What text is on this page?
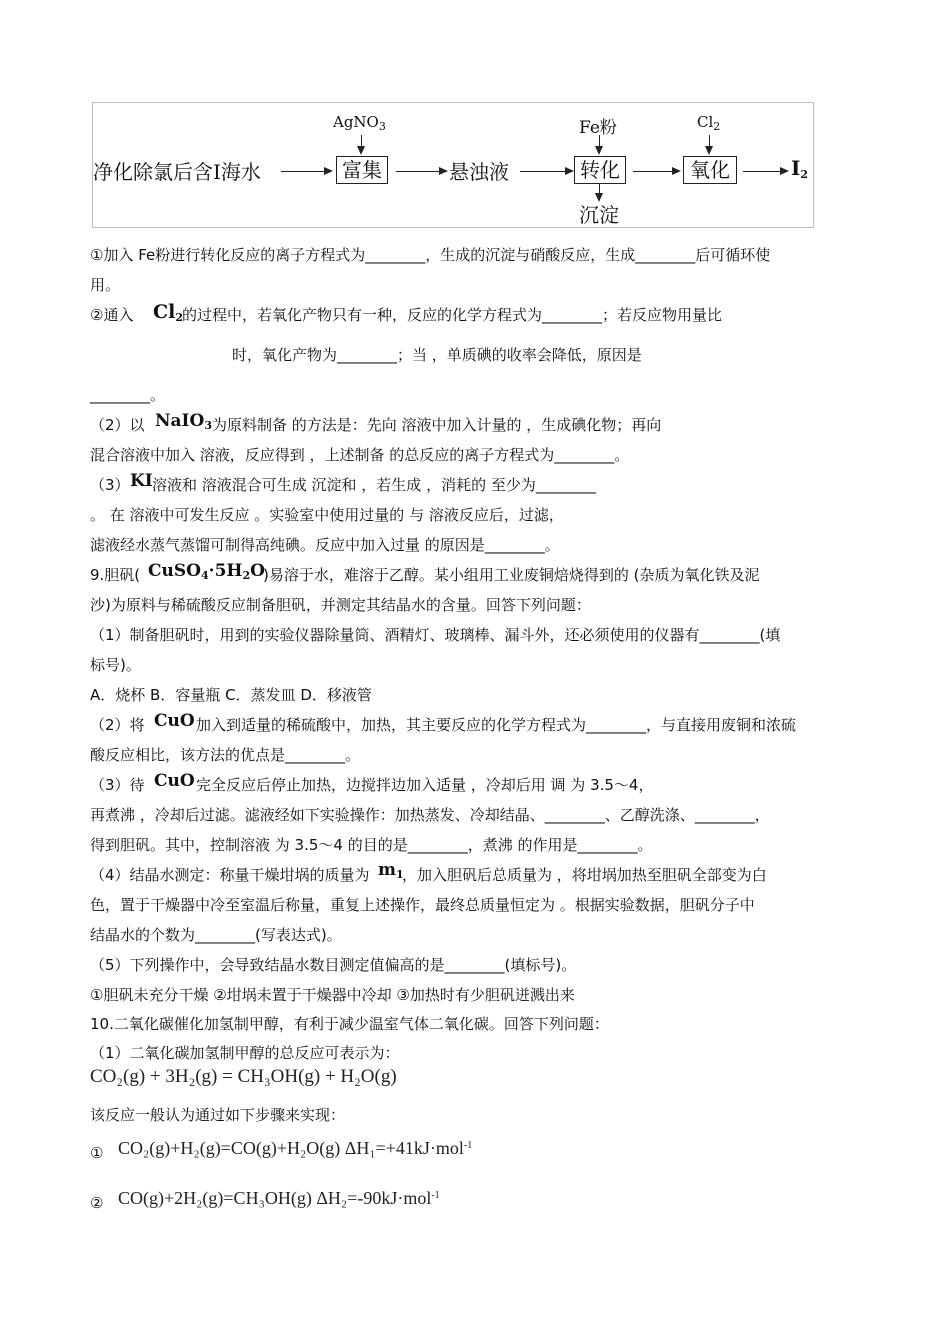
净化除氯后含I海水
AgNO$_3$
富集	悬浊液
Fe粉
转化
沉淀
$Cl_2$
氧化	$I_2$
①加入 Fe粉进行转化反应的离子方程式为________，生成的沉淀与硝酸反应，生成________后可循环使
用。
②通入	$Cl_2$ 的过程中，若氧化产物只有一种，反应的化学方程式为________；若反应物用量比
时，氧化产物为________；当 ，单质碘的收率会降低，原因是
________。
（2）以 NaIO$_3$ 为原料制备 的方法是：先向 溶液中加入计量的 ，生成碘化物；再向
混合溶液中加入 溶液，反应得到 ，上述制备 的总反应的离子方程式为________。
（3） KI 溶液和 溶液混合可生成 沉淀和 ，若生成 ，消耗的 至少为________
。 在 溶液中可发生反应 。实验室中使用过量的 与 溶液反应后，过滤，
滤液经水蒸气蒸馏可制得高纯碘。反应中加入过量 的原因是________。
9.胆矾( $CuSO_4\cdot 5H_2O$
)易溶于水，难溶于乙醇。某小组用工业废铜焙烧得到的 (杂质为氧化铁及泥
沙)为原料与稀硫酸反应制备胆矾，并测定其结晶水的含量。回答下列问题：
（1）制备胆矾时，用到的实验仪器除量筒、酒精灯、玻璃棒、漏斗外，还必须使用的仪器有________(填
标号)。
A．烧杯 B．容量瓶 C．蒸发皿 D．移液管
（2）将 CuO 加入到适量的稀硫酸中，加热，其主要反应的化学方程式为________，与直接用废铜和浓硫
酸反应相比，该方法的优点是________。
（3）待 CuO 完全反应后停止加热，边搅拌边加入适量 ，冷却后用 调 为 3.5～4，
再煮沸 ，冷却后过滤。滤液经如下实验操作：加热蒸发、冷却结晶、________、乙醇洗涤、________，
得到胆矾。其中，控制溶液 为 3.5～4 的目的是________，煮沸 的作用是________。
（4）结晶水测定：称量干燥坩埚的质量为 $m_1$
，加入胆矾后总质量为 ，将坩埚加热至胆矾全部变为白
色，置于干燥器中冷至室温后称量，重复上述操作，最终总质量恒定为 。根据实验数据，胆矾分子中
结晶水的个数为________(写表达式)。
（5）下列操作中，会导致结晶水数目测定值偏高的是________(填标号)。
①胆矾未充分干燥 ②坩埚未置于干燥器中冷却 ③加热时有少胆矾迸溅出来
10.二氧化碳催化加氢制甲醇，有利于减少温室气体二氧化碳。回答下列问题：
（1）二氧化碳加氢制甲醇的总反应可表示为：
CO₂(g) + 3H₂(g) = CH₃OH(g) + H₂O(g)
该反应一般认为通过如下步骤来实现：
① CO₂(g)+H₂(g)=CO(g)+H₂O(g) ΔH₁=+41kJ·mol$^{-1}$
② CO(g)+2H₂(g)=CH₃OH(g) ΔH₂=-90kJ·mol$^{-1}$
